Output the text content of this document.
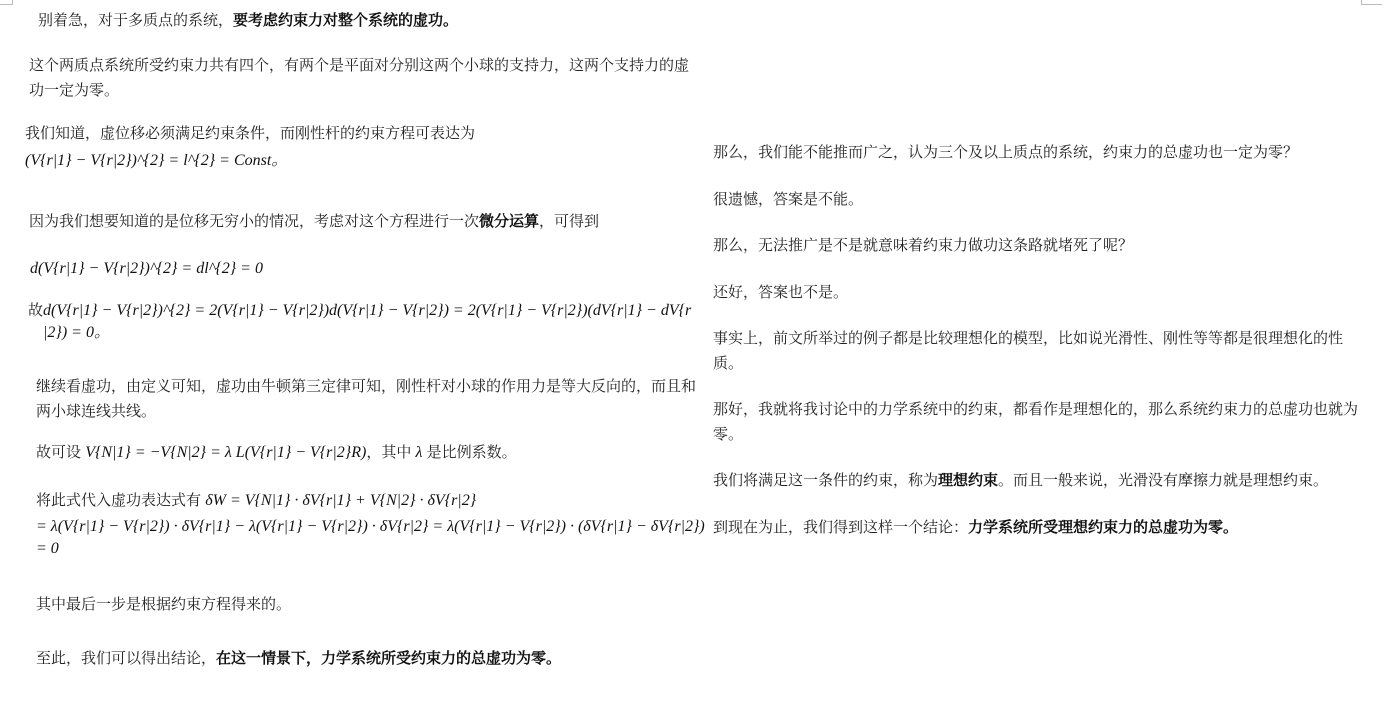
别着急，对于多质点的系统，要考虑约束力对整个系统的虚功。
这个两质点系统所受约束力共有四个，有两个是平面对分别这两个小球的支持力，这两个支持力的虚功一定为零。
我们知道，虚位移必须满足约束条件，而刚性杆的约束方程可表达为
(V{r|1} − V{r|2})^{2} = l^{2} = Const。
因为我们想要知道的是位移无穷小的情况，考虑对这个方程进行一次微分运算，可得到
d(V{r|1} − V{r|2})^{2} = dl^{2} = 0
故 d(V{r|1} − V{r|2})^{2} = 2(V{r|1} − V{r|2})d(V{r|1} − V{r|2}) = 2(V{r|1} − V{r|2})(dV{r|1} − dV{r|2}) = 0。
继续看虚功，由定义可知，虚功由牛顿第三定律可知，刚性杆对小球的作用力是等大反向的，而且和两小球连线共线。
故可设 V{N|1} = −V{N|2} = λ L(V{r|1} − V{r|2}R)，其中 λ 是比例系数。
将此式代入虚功表达式有 δW = V{N|1} · δV{r|1} + V{N|2} · δV{r|2}
= λ(V{r|1} − V{r|2}) · δV{r|1} − λ(V{r|1} − V{r|2}) · δV{r|2} = λ(V{r|1} − V{r|2}) · (δV{r|1} − δV{r|2}) = 0
其中最后一步是根据约束方程得来的。
至此，我们可以得出结论，在这一情景下，力学系统所受约束力的总虚功为零。
那么，我们能不能推而广之，认为三个及以上质点的系统，约束力的总虚功也一定为零？
很遗憾，答案是不能。
那么，无法推广是不是就意味着约束力做功这条路就堵死了呢？
还好，答案也不是。
事实上，前文所举过的例子都是比较理想化的模型，比如说光滑性、刚性等等都是很理想化的性质。
那好，我就将我讨论中的力学系统中的约束，都看作是理想化的，那么系统约束力的总虚功也就为零。
我们将满足这一条件的约束，称为理想约束。而且一般来说，光滑没有摩擦力就是理想约束。
到现在为止，我们得到这样一个结论：力学系统所受理想约束力的总虚功为零。
